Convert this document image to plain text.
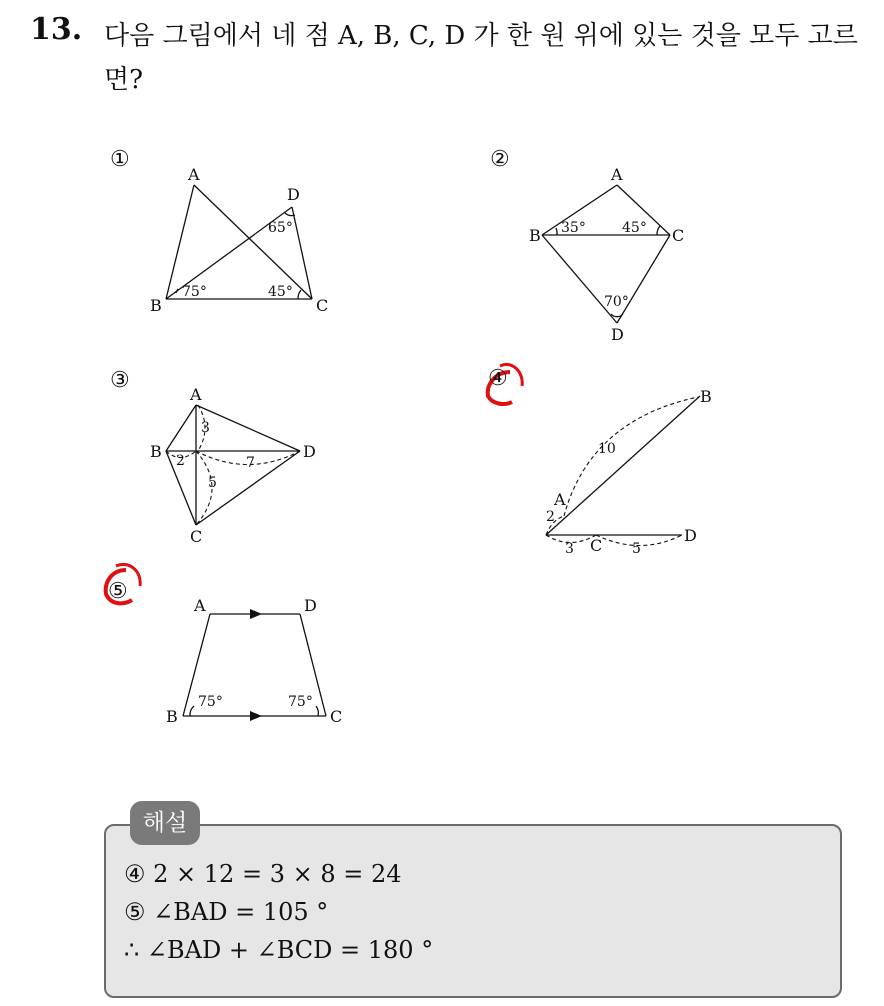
13. 다음 그림에서 네 점 A, B, C, D 가 한 원 위에 있는 것을 모두 고르면?
①
A
D
B	C
65°
75°	45°
②
A
B	C
D
35°	45°
70°
③
A
B	D
C
3
2	7
5
④
B
A
C
D
10
2
3	5
⑤
A	D
B	C
75°	75°
해설
④ 2 × 12 = 3 × 8 = 24
⑤ ∠BAD = 105 °
∴ ∠BAD + ∠BCD = 180 °
